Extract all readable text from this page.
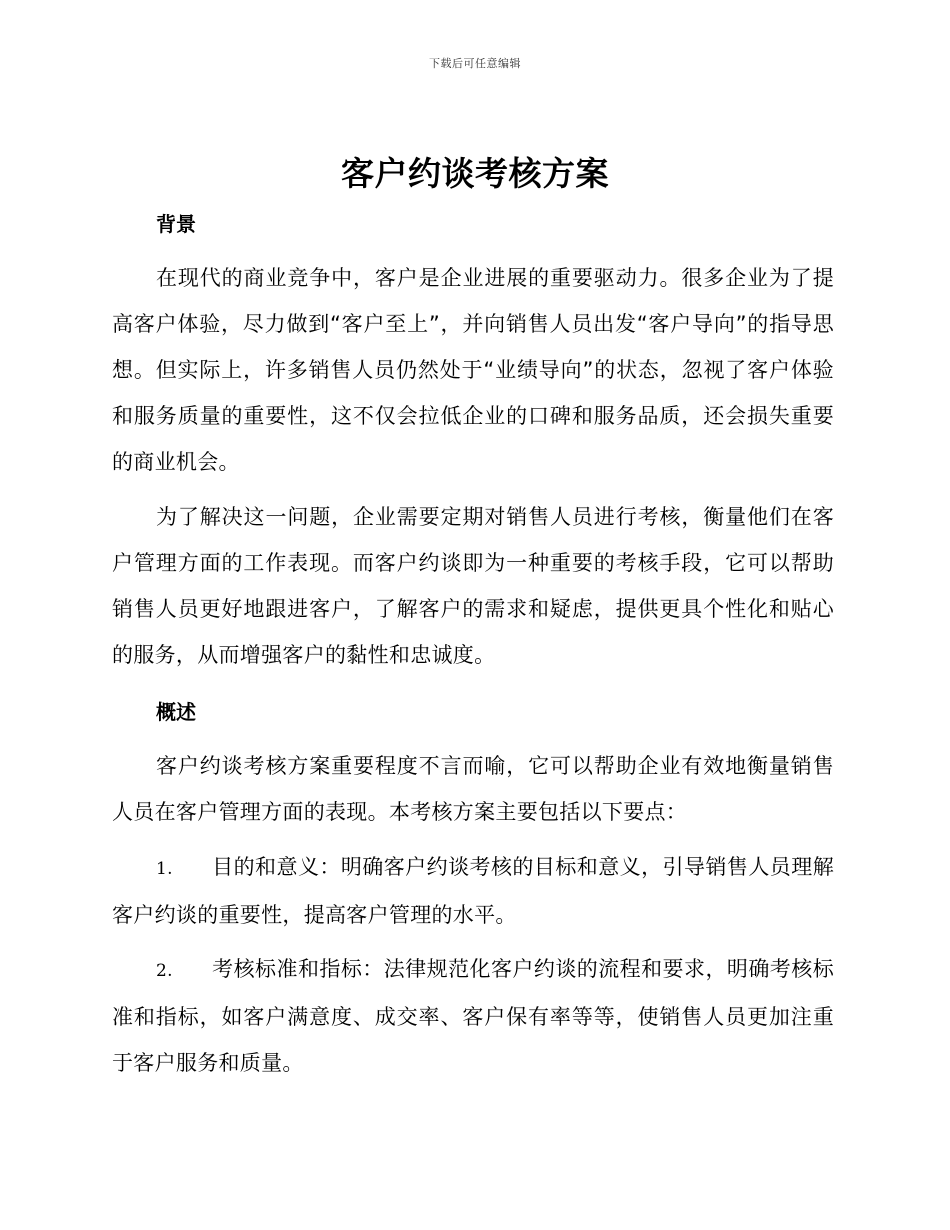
下载后可任意编辑
客户约谈考核方案
背景
在现代的商业竞争中，客户是企业进展的重要驱动力。很多企业为了提高客户体验，尽力做到“客户至上”，并向销售人员出发“客户导向”的指导思想。但实际上，许多销售人员仍然处于“业绩导向”的状态，忽视了客户体验和服务质量的重要性，这不仅会拉低企业的口碑和服务品质，还会损失重要的商业机会。
为了解决这一问题，企业需要定期对销售人员进行考核，衡量他们在客户管理方面的工作表现。而客户约谈即为一种重要的考核手段，它可以帮助销售人员更好地跟进客户，了解客户的需求和疑虑，提供更具个性化和贴心的服务，从而增强客户的黏性和忠诚度。
概述
客户约谈考核方案重要程度不言而喻，它可以帮助企业有效地衡量销售人员在客户管理方面的表现。本考核方案主要包括以下要点：
1. 目的和意义：明确客户约谈考核的目标和意义，引导销售人员理解客户约谈的重要性，提高客户管理的水平。
2. 考核标准和指标：法律规范化客户约谈的流程和要求，明确考核标准和指标，如客户满意度、成交率、客户保有率等等，使销售人员更加注重于客户服务和质量。
